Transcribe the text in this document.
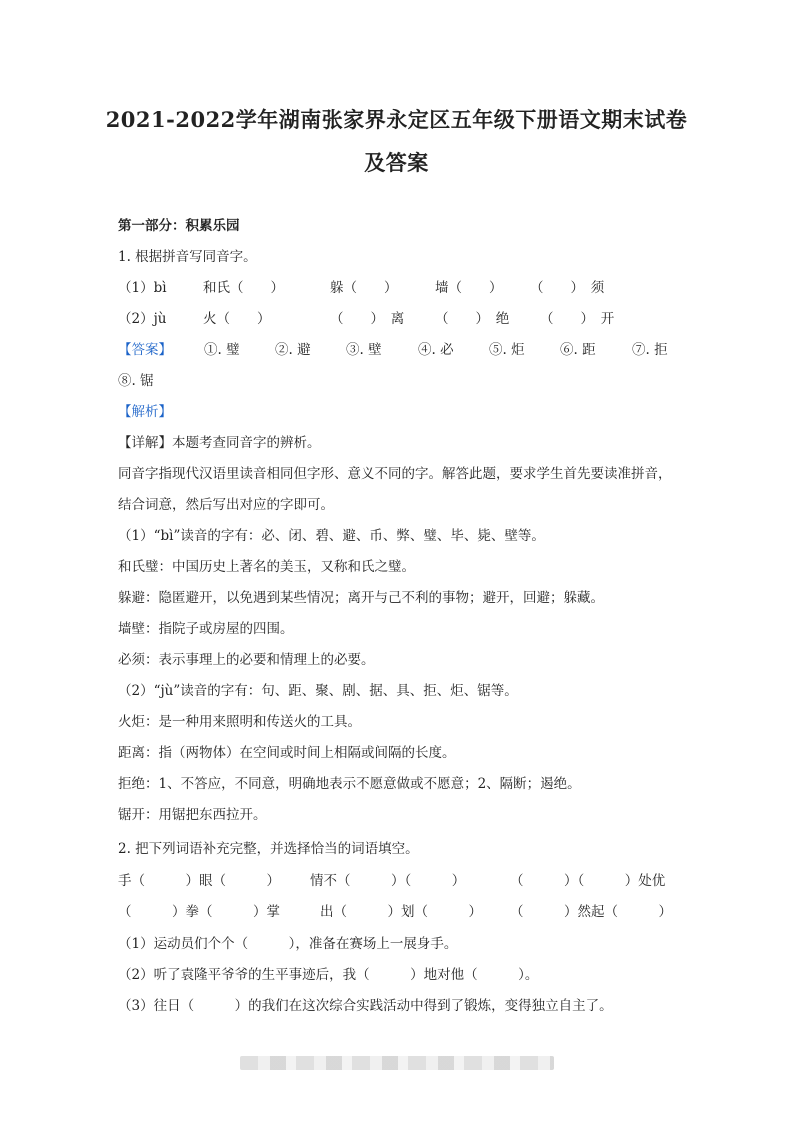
2021-2022学年湖南张家界永定区五年级下册语文期末试卷
及答案
第一部分：积累乐园
1. 根据拼音写同音字。
（1）bì	和氏（　　）	躲（　　）	墙（　　） （　　）　须
（2）jù	火（　　）	（　　）　离 （　　）　绝 （　　）　开
【答案】 ①. 璧	②. 避	③. 壁	④. 必	⑤. 炬	⑥. 距	⑦. 拒
⑧. 锯
【解析】
【详解】本题考查同音字的辨析。
同音字指现代汉语里读音相同但字形、意义不同的字。解答此题，要求学生首先要读准拼音，
结合词意，然后写出对应的字即可。
（1）“bì”读音的字有：必、闭、碧、避、币、弊、璧、毕、毙、壁等。
和氏璧：中国历史上著名的美玉，又称和氏之璧。
躲避：隐匿避开，以免遇到某些情况；离开与己不利的事物；避开，回避；躲藏。
墙壁：指院子或房屋的四围。
必须：表示事理上的必要和情理上的必要。
（2）“jù”读音的字有：句、距、聚、剧、据、具、拒、炬、锯等。
火炬：是一种用来照明和传送火的工具。
距离：指（两物体）在空间或时间上相隔或间隔的长度。
拒绝：1、不答应，不同意，明确地表示不愿意做或不愿意；2、隔断；遏绝。
锯开：用锯把东西拉开。
2. 把下列词语补充完整，并选择恰当的词语填空。
手（　　　）眼（　　　） 情不（　　　）（　　　）	（　　　）（　　　）处优
（　　　）拳（　　　）掌	出（　　　）划（　　　） （　　　）然起（　　　）
（1）运动员们个个（　　　），准备在赛场上一展身手。
（2）听了袁隆平爷爷的生平事迹后，我（　　　）地对他（　　　）。
（3）往日（　　　）的我们在这次综合实践活动中得到了锻炼，变得独立自主了。
